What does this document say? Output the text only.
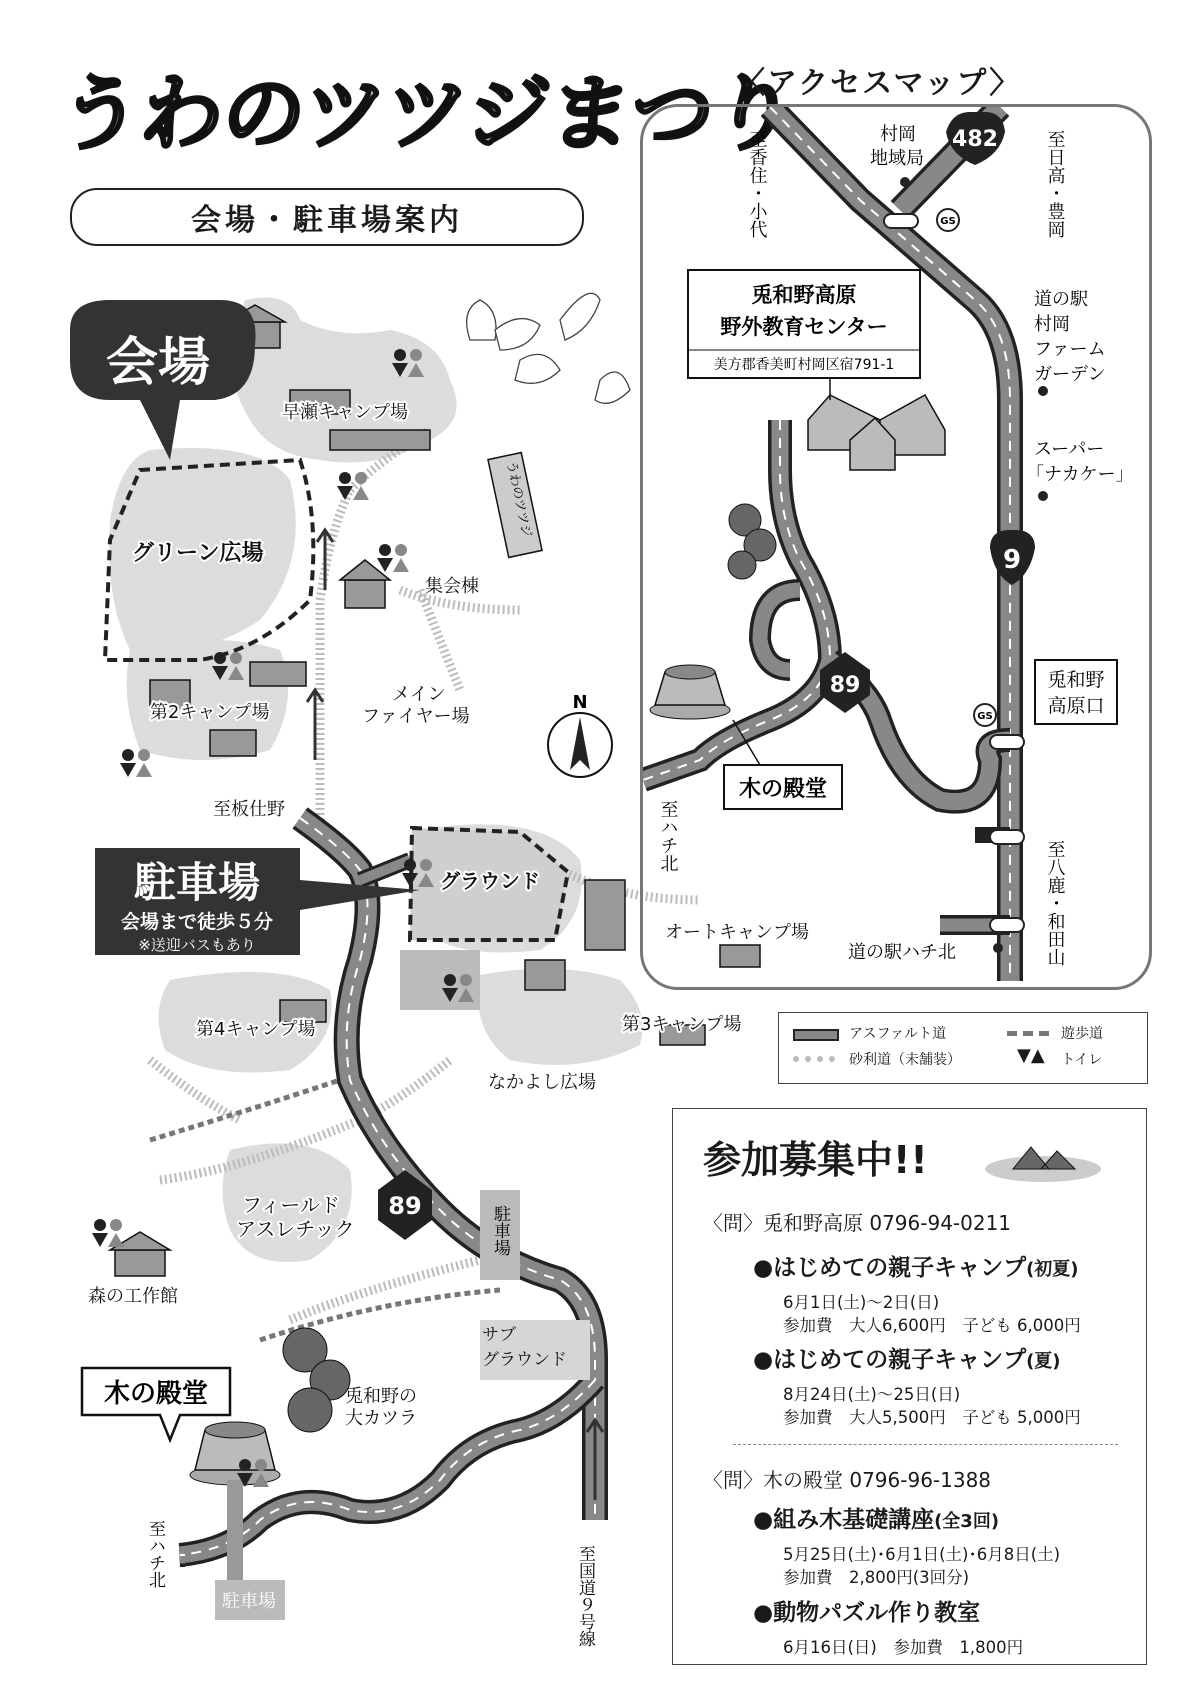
うわのツツジまつり
会場・駐車場案内
89
N
うわのツツジ
会場
駐車場
会場まで徒歩５分
※送迎バスもあり
木の殿堂
グリーン広場
早瀬キャンプ場
第2キャンプ場
集会棟
メイン
ファイヤー場
至板仕野
グラウンド
オートキャンプ場
第4キャンプ場	第3キャンプ場
なかよし広場
フィールド
アスレチック
森の工作館
兎和野の
大カツラ
サブ
グラウンド
駐車場
駐車場
至ハチ北	至国道９号線
〈アクセスマップ〉
482
9
89
GS
GS
兎和野高原
野外教育センター
美方郡香美町村岡区宿791-1
兎和野
高原口
木の殿堂
村岡
地域局
道の駅
村岡
ファーム
ガーデン
スーパー
「ナカケー」
道の駅ハチ北
至香住・小代	至日高・豊岡
至ハチ北
至八鹿・和田山
アスファルト道	遊歩道
砂利道（未舗装）	▼▲ トイレ
参加募集中!!
〈問〉兎和野高原 0796-94-0211
●はじめての親子キャンプ(初夏)
6月1日(土)～2日(日)
参加費　大人6,600円　子ども 6,000円
●はじめての親子キャンプ(夏)
8月24日(土)～25日(日)
参加費　大人5,500円　子ども 5,000円
〈問〉木の殿堂 0796-96-1388
●組み木基礎講座(全3回)
5月25日(土)･6月1日(土)･6月8日(土)
参加費　2,800円(3回分)
●動物パズル作り教室
6月16日(日)　参加費　1,800円
